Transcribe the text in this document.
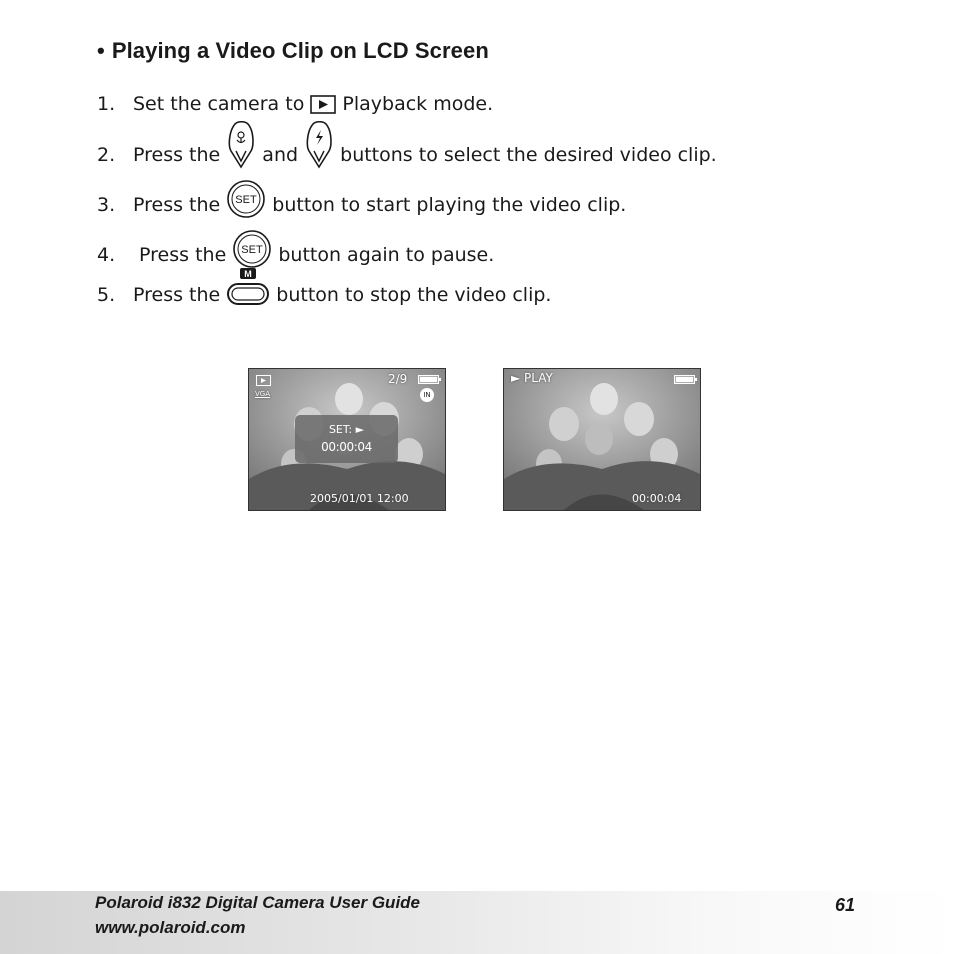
• Playing a Video Clip on LCD Screen
1. Set the camera to Playback mode.
2. Press the and buttons to select the desired video clip.
3. Press the SET button to start playing the video clip.
4. Press the SET button again to pause.
5. Press the
M
button to stop the video clip.
VGA
2/9
IN
SET: ►
00:00:04
2005/01/01 12:00
► PLAY
00:00:04
Polaroid i832 Digital Camera User Guide
www.polaroid.com
61
